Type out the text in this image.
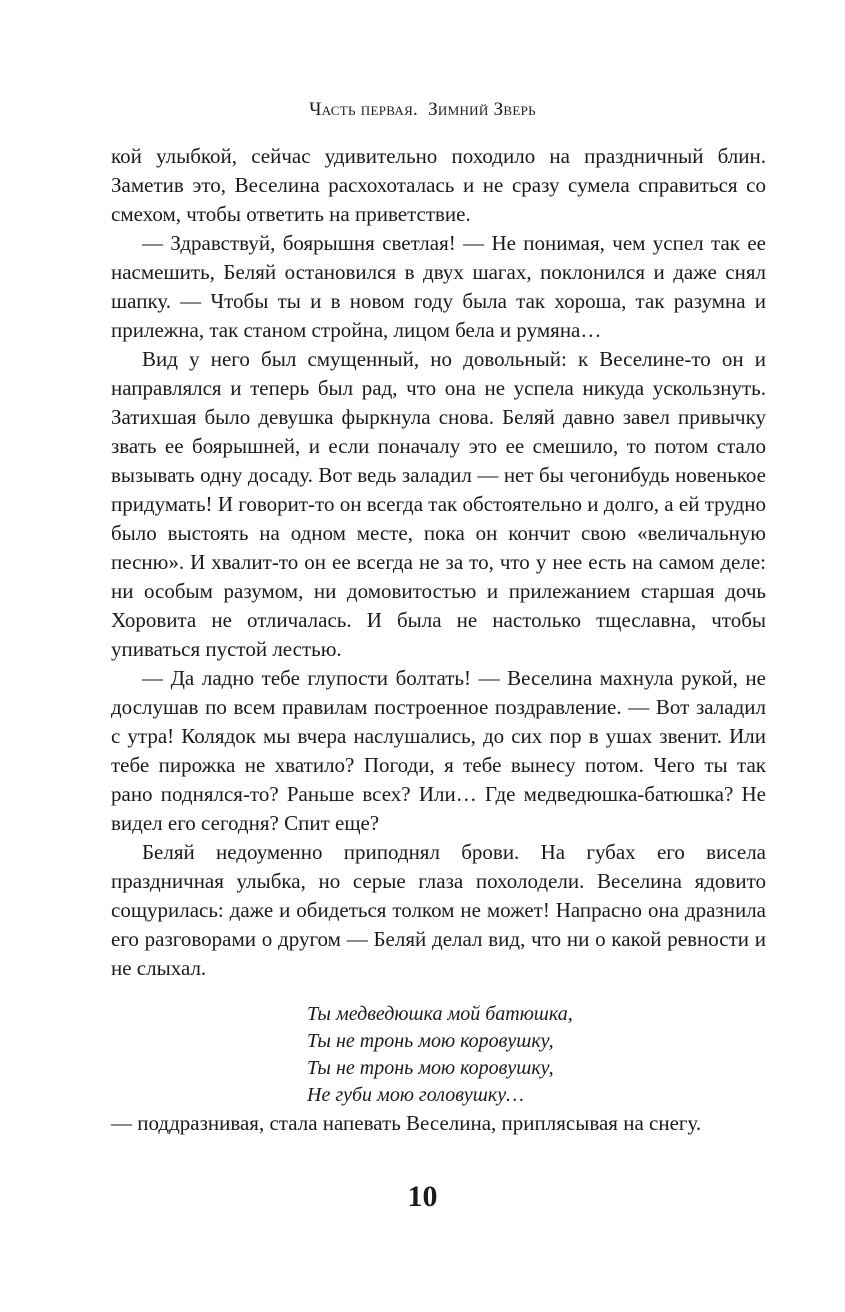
Часть первая. Зимний Зверь

кой улыбкой, сейчас удивительно походило на праздничный блин. Заметив это, Веселина расхохоталась и не сразу сумела справиться со смехом, чтобы ответить на приветствие.

— Здравствуй, боярышня светлая! — Не понимая, чем успел так ее насмешить, Беляй остановился в двух шагах, поклонился и даже снял шапку. — Чтобы ты и в новом году была так хороша, так разумна и прилежна, так станом стройна, лицом бела и румяна…

Вид у него был смущенный, но довольный: к Веселине-то он и направлялся и теперь был рад, что она не успела никуда ускользнуть. Затихшая было девушка фыркнула снова. Беляй давно завел привычку звать ее боярышней, и если поначалу это ее смешило, то потом стало вызывать одну досаду. Вот ведь заладил — нет бы чегонибудь новенькое придумать! И говорит-то он всегда так обстоятельно и долго, а ей трудно было выстоять на одном месте, пока он кончит свою «величальную песню». И хвалит-то он ее всегда не за то, что у нее есть на самом деле: ни особым разумом, ни домовитостью и прилежанием старшая дочь Хоровита не отличалась. И была не настолько тщеславна, чтобы упиваться пустой лестью.

— Да ладно тебе глупости болтать! — Веселина махнула рукой, не дослушав по всем правилам построенное поздравление. — Вот заладил с утра! Колядок мы вчера наслушались, до сих пор в ушах звенит. Или тебе пирожка не хватило? Погоди, я тебе вынесу потом. Чего ты так рано поднялся-то? Раньше всех? Или… Где медведюшка-батюшка? Не видел его сегодня? Спит еще?

Беляй недоуменно приподнял брови. На губах его висела праздничная улыбка, но серые глаза похолодели. Веселина ядовито сощурилась: даже и обидеться толком не может! Напрасно она дразнила его разговорами о другом — Беляй делал вид, что ни о какой ревности и не слыхал.

Ты медведюшка мой батюшка,
Ты не тронь мою коровушку,
Ты не тронь мою коровушку,
Не губи мою головушку…

— поддразнивая, стала напевать Веселина, приплясывая на снегу.

10
